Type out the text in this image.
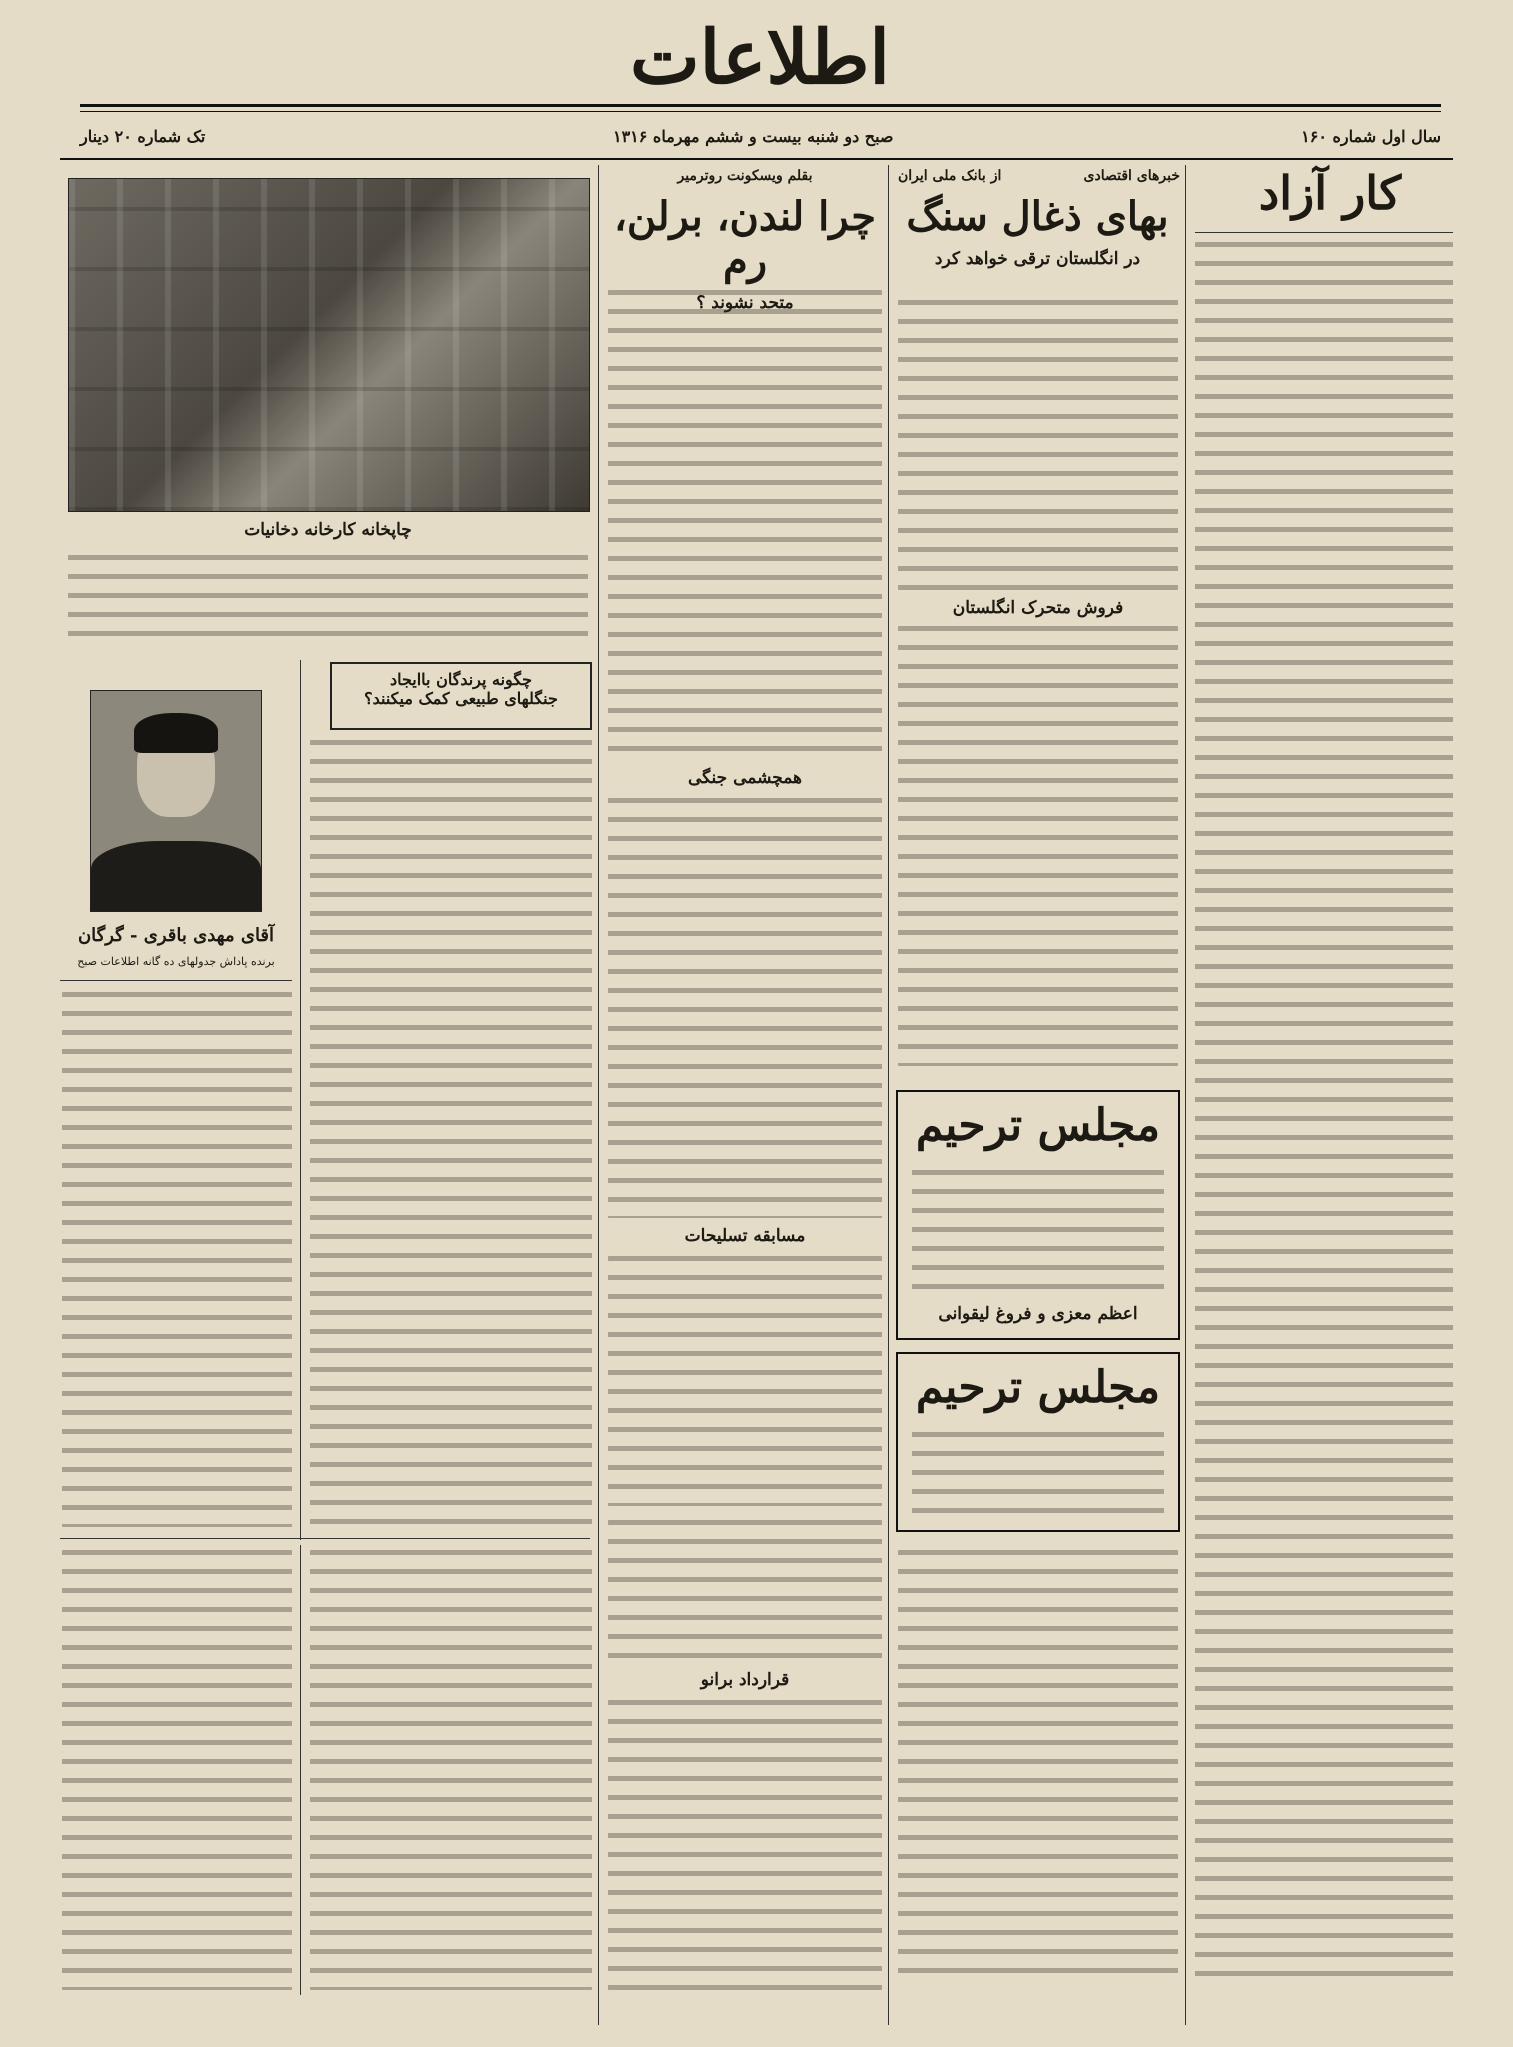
اطلاعات
سال اول شماره ۱۶۰
صبح دو شنبه بیست و ششم مهرماه ۱۳۱۶
تک شماره ۲۰ دینار
کار آزاد
خبرهای اقتصادی
از بانک ملی ایران
بهای ذغال سنگ
در انگلستان ترقی خواهد کرد
فروش متحرک انگلستان
مجلس ترحیم
اعظم معزی و فروغ لیقوانی
مجلس ترحیم
بقلم ویسکونت روترمیر
چرا لندن، برلن، رم
متحد نشوند ؟
همچشمی جنگی
مسابقه تسلیحات
قرارداد برانو
چاپخانه کارخانه دخانیات
چگونه پرندگان باایجاد
جنگلهای طبیعی کمک میکنند؟
آقای مهدی باقری - گرگان
برنده پاداش جدولهای ده گانه اطلاعات صبح
